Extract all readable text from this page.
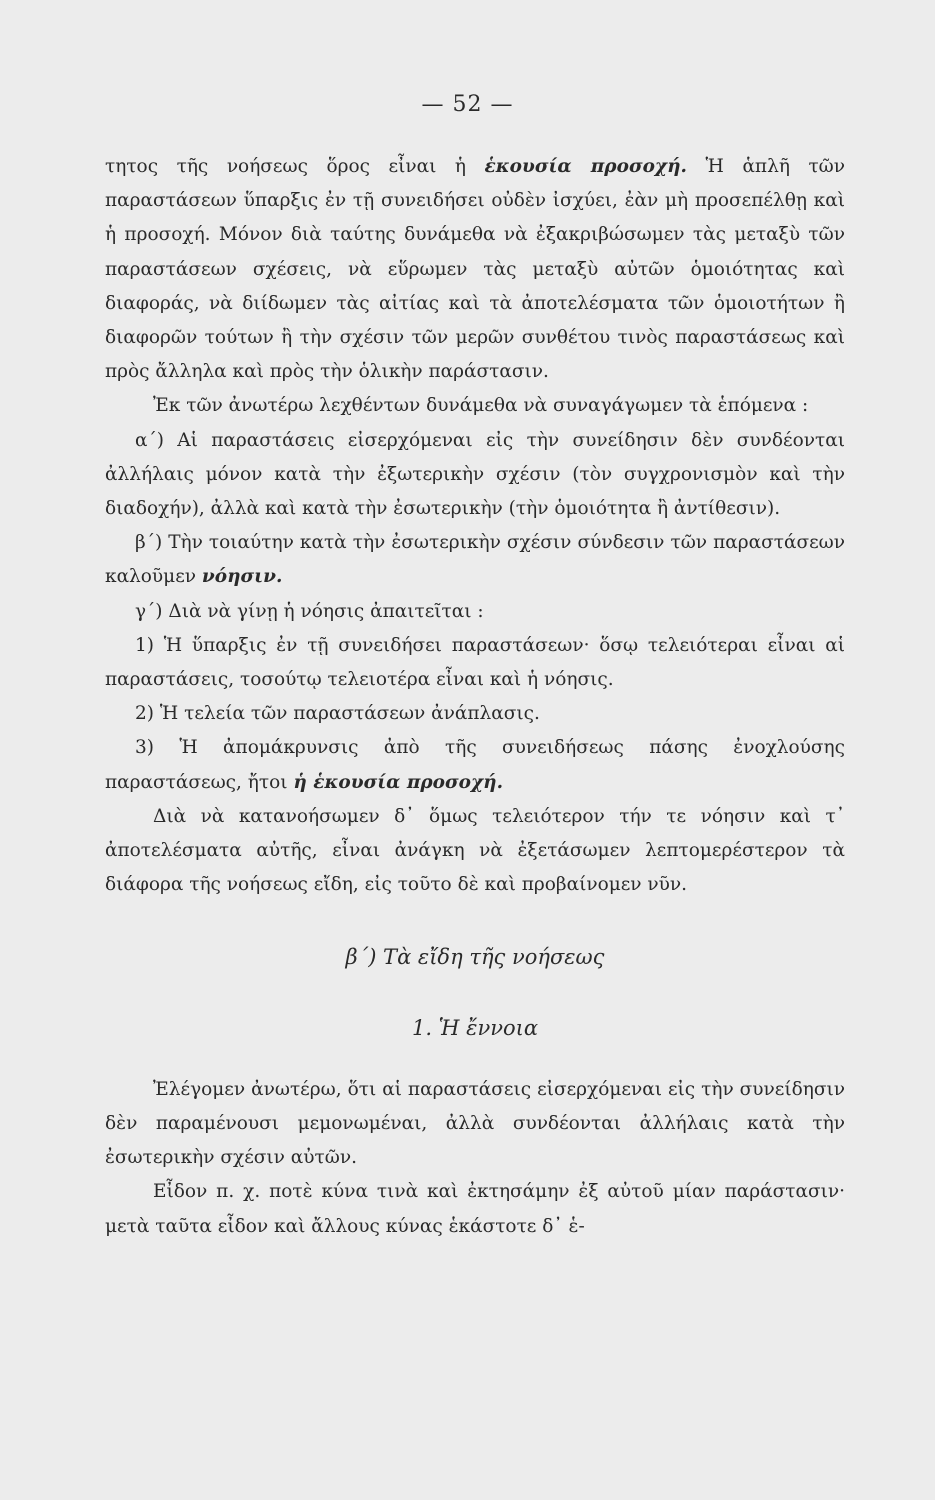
— 52 —

τητος τῆς νοήσεως ὅρος εἶναι ἡ ἑκουσία προσοχή. Ἡ ἁπλῆ τῶν παραστάσεων ὕπαρξις ἐν τῇ συνειδήσει οὐδὲν ἰσχύει, ἐὰν μὴ προσεπέλθῃ καὶ ἡ προσοχή. Μόνον διὰ ταύτης δυνάμεθα νὰ ἐξακριβώσωμεν τὰς μεταξὺ τῶν παραστάσεων σχέσεις, νὰ εὕρωμεν τὰς μεταξὺ αὐτῶν ὁμοιότητας καὶ διαφοράς, νὰ διίδωμεν τὰς αἰτίας καὶ τὰ ἀποτελέσματα τῶν ὁμοιοτήτων ἢ διαφορῶν τούτων ἢ τὴν σχέσιν τῶν μερῶν συνθέτου τινὸς παραστάσεως καὶ πρὸς ἄλληλα καὶ πρὸς τὴν ὁλικὴν παράστασιν.

Ἐκ τῶν ἀνωτέρω λεχθέντων δυνάμεθα νὰ συναγάγωμεν τὰ ἑπόμενα :

α΄) Αἱ παραστάσεις εἰσερχόμεναι εἰς τὴν συνείδησιν δὲν συνδέονται ἀλλήλαις μόνον κατὰ τὴν ἐξωτερικὴν σχέσιν (τὸν συγχρονισμὸν καὶ τὴν διαδοχήν), ἀλλὰ καὶ κατὰ τὴν ἐσωτερικὴν (τὴν ὁμοιότητα ἢ ἀντίθεσιν).

β΄) Τὴν τοιαύτην κατὰ τὴν ἐσωτερικὴν σχέσιν σύνδεσιν τῶν παραστάσεων καλοῦμεν νόησιν.

γ΄) Διὰ νὰ γίνῃ ἡ νόησις ἀπαιτεῖται :

1) Ἡ ὕπαρξις ἐν τῇ συνειδήσει παραστάσεων· ὅσῳ τελειότεραι εἶναι αἱ παραστάσεις, τοσούτῳ τελειοτέρα εἶναι καὶ ἡ νόησις.

2) Ἡ τελεία τῶν παραστάσεων ἀνάπλασις.

3) Ἡ ἀπομάκρυνσις ἀπὸ τῆς συνειδήσεως πάσης ἐνοχλούσης παραστάσεως, ἤτοι ἡ ἑκουσία προσοχή.

Διὰ νὰ κατανοήσωμεν δ᾽ ὅμως τελειότερον τήν τε νόησιν καὶ τ᾽ ἀποτελέσματα αὐτῆς, εἶναι ἀνάγκη νὰ ἐξετάσωμεν λεπτομερέστερον τὰ διάφορα τῆς νοήσεως εἴδη, εἰς τοῦτο δὲ καὶ προβαίνομεν νῦν.

β΄) Τὰ εἴδη τῆς νοήσεως

1. Ἡ ἔννοια

Ἐλέγομεν ἀνωτέρω, ὅτι αἱ παραστάσεις εἰσερχόμεναι εἰς τὴν συνείδησιν δὲν παραμένουσι μεμονωμέναι, ἀλλὰ συνδέονται ἀλλήλαις κατὰ τὴν ἐσωτερικὴν σχέσιν αὐτῶν.

Εἶδον π. χ. ποτὲ κύνα τινὰ καὶ ἐκτησάμην ἐξ αὐτοῦ μίαν παράστασιν· μετὰ ταῦτα εἶδον καὶ ἄλλους κύνας ἑκάστοτε δ᾽ ἑ-
